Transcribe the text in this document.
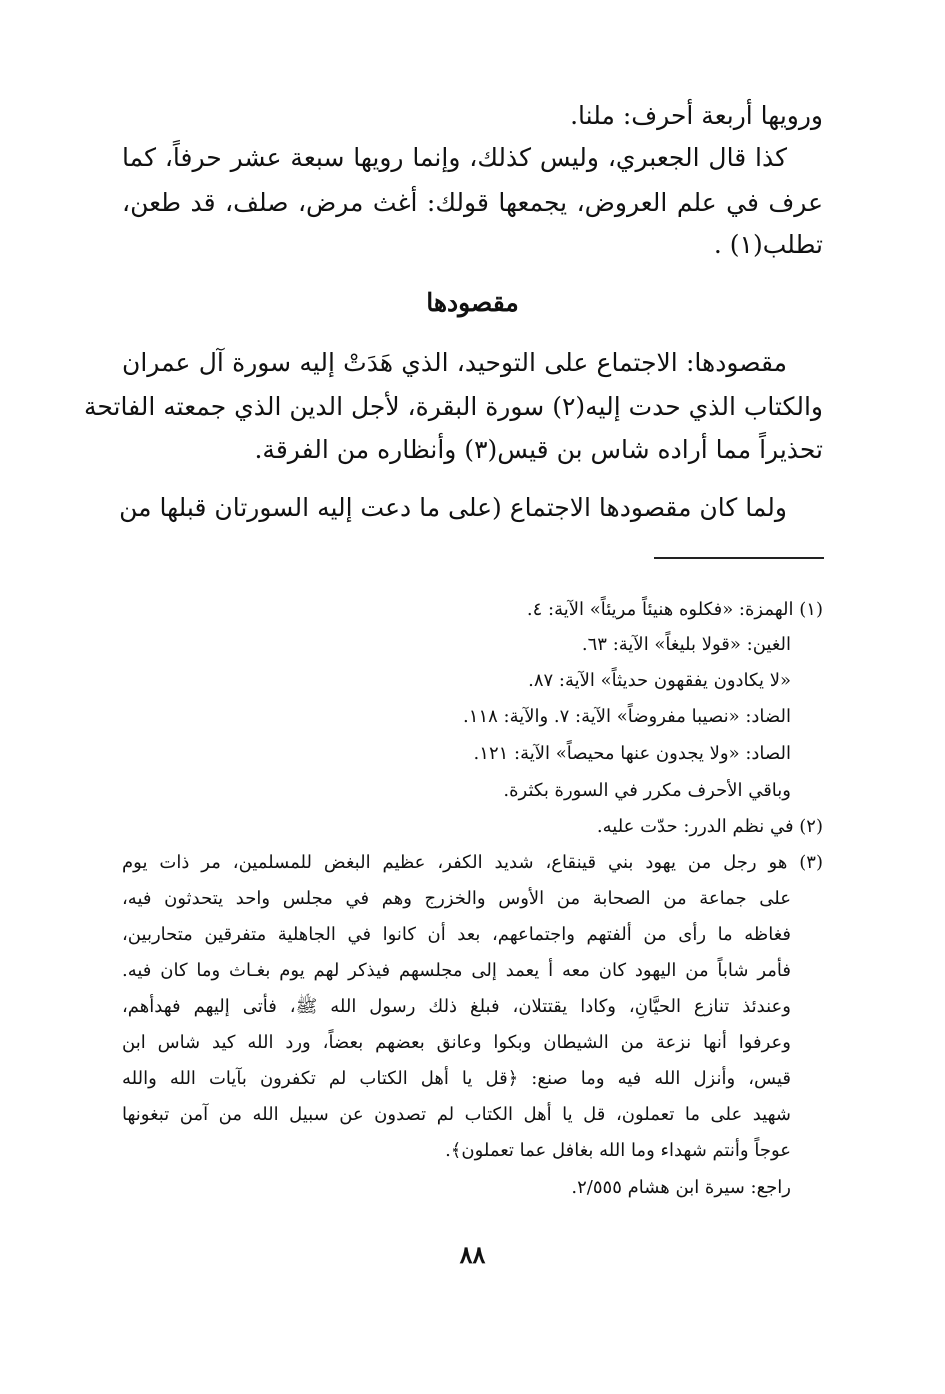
ورويها أربعة أحرف: ملنا.
كذا قال الجعبري، وليس كذلك، وإنما رويها سبعة عشر حرفاً، كما
عرف في علم العروض، يجمعها قولك: أغث مرض، صلف، قد طعن،
تطلب(١) .
مقصودها
مقصودها: الاجتماع على التوحيد، الذي هَدَتْ إليه سورة آل عمران
والكتاب الذي حدت إليه(٢) سورة البقرة، لأجل الدين الذي جمعته الفاتحة
تحذيراً مما أراده شاس بن قيس(٣) وأنظاره من الفرقة.
ولما كان مقصودها الاجتماع (على ما دعت إليه السورتان قبلها من
(١) الهمزة: «فكلوه هنيئاً مريئاً» الآية: ٤.
الغين: «قولا بليغاً» الآية: ٦٣.
«لا يكادون يفقهون حديثاً» الآية: ٨٧.
الضاد: «نصيبا مفروضاً» الآية: ٧. والآية: ١١٨.
الصاد: «ولا يجدون عنها محيصاً» الآية: ١٢١.
وباقي الأحرف مكرر في السورة بكثرة.
(٢) في نظم الدرر: حدّت عليه.
(٣) هو رجل من يهود بني قينقاع، شديد الكفر، عظيم البغض للمسلمين، مر ذات يوم
على جماعة من الصحابة من الأوس والخزرج وهم في مجلس واحد يتحدثون فيه،
فغاظه ما رأى من ألفتهم واجتماعهم، بعد أن كانوا في الجاهلية متفرقين متحاربين،
فأمر شاباً من اليهود كان معه أ يعمد إلى مجلسهم فيذكر لهم يوم بغـاث وما كان فيه.
وعندئذ تنازع الحيَّانِ، وكادا يقتتلان، فبلغ ذلك رسول الله ﷺ، فأتى إليهم فهدأهم،
وعرفوا أنها نزعة من الشيطان وبكوا وعانق بعضهم بعضاً، ورد الله كيد شاس ابن
قيس، وأنزل الله فيه وما صنع: ﴿قل يا أهل الكتاب لم تكفرون بآيات الله والله
شهيد على ما تعملون، قل يا أهل الكتاب لم تصدون عن سبيل الله من آمن تبغونها
عوجاً وأنتم شهداء وما الله بغافل عما تعملون﴾.
راجع: سيرة ابن هشام ٢/٥٥٥.
٨٨
